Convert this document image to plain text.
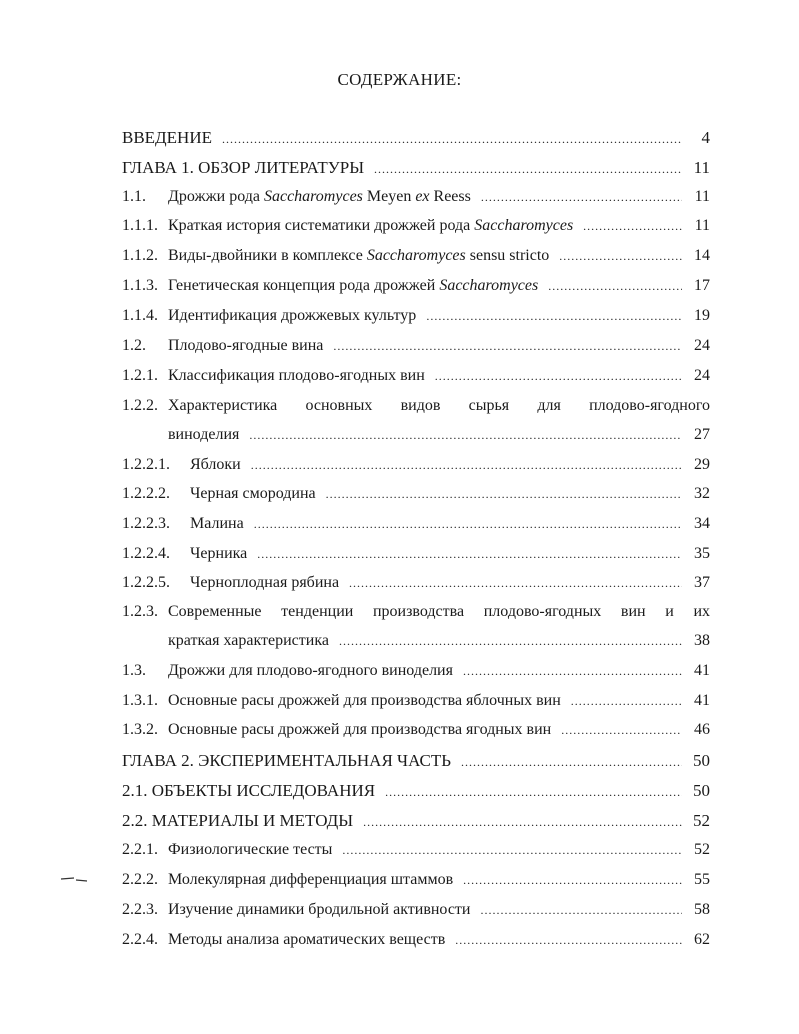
СОДЕРЖАНИЕ:
ВВЕДЕНИЕ .....	4
ГЛАВА 1. ОБЗОР ЛИТЕРАТУРЫ .....	11
1.1.	Дрожжи рода Saccharomyces Meyen ex Reess .....	11
1.1.1. Краткая история систематики дрожжей рода Saccharomyces .....	11
1.1.2. Виды-двойники в комплексе Saccharomyces sensu stricto .....	14
1.1.3. Генетическая концепция рода дрожжей Saccharomyces .....	17
1.1.4. Идентификация дрожжевых культур .....	19
1.2.	Плодово-ягодные вина .....	24
1.2.1. Классификация плодово-ягодных вин .....	24
1.2.2. Характеристика основных видов сырья для плодово-ягодного
виноделия .....	27
1.2.2.1.	Яблоки .....	29
1.2.2.2.	Черная смородина .....	32
1.2.2.3.	Малина .....	34
1.2.2.4.	Черника .....	35
1.2.2.5.	Черноплодная рябина .....	37
1.2.3. Современные тенденции производства плодово-ягодных вин и их
краткая характеристика .....	38
1.3.	Дрожжи для плодово-ягодного виноделия .....	41
1.3.1. Основные расы дрожжей для производства яблочных вин .....	41
1.3.2. Основные расы дрожжей для производства ягодных вин .....	46
ГЛАВА 2. ЭКСПЕРИМЕНТАЛЬНАЯ ЧАСТЬ .....	50
2.1. ОБЪЕКТЫ ИССЛЕДОВАНИЯ .....	50
2.2. МАТЕРИАЛЫ И МЕТОДЫ .....	52
2.2.1. Физиологические тесты .....	52
2.2.2. Молекулярная дифференциация штаммов .....	55
2.2.3. Изучение динамики бродильной активности .....	58
2.2.4. Методы анализа ароматических веществ .....	62
